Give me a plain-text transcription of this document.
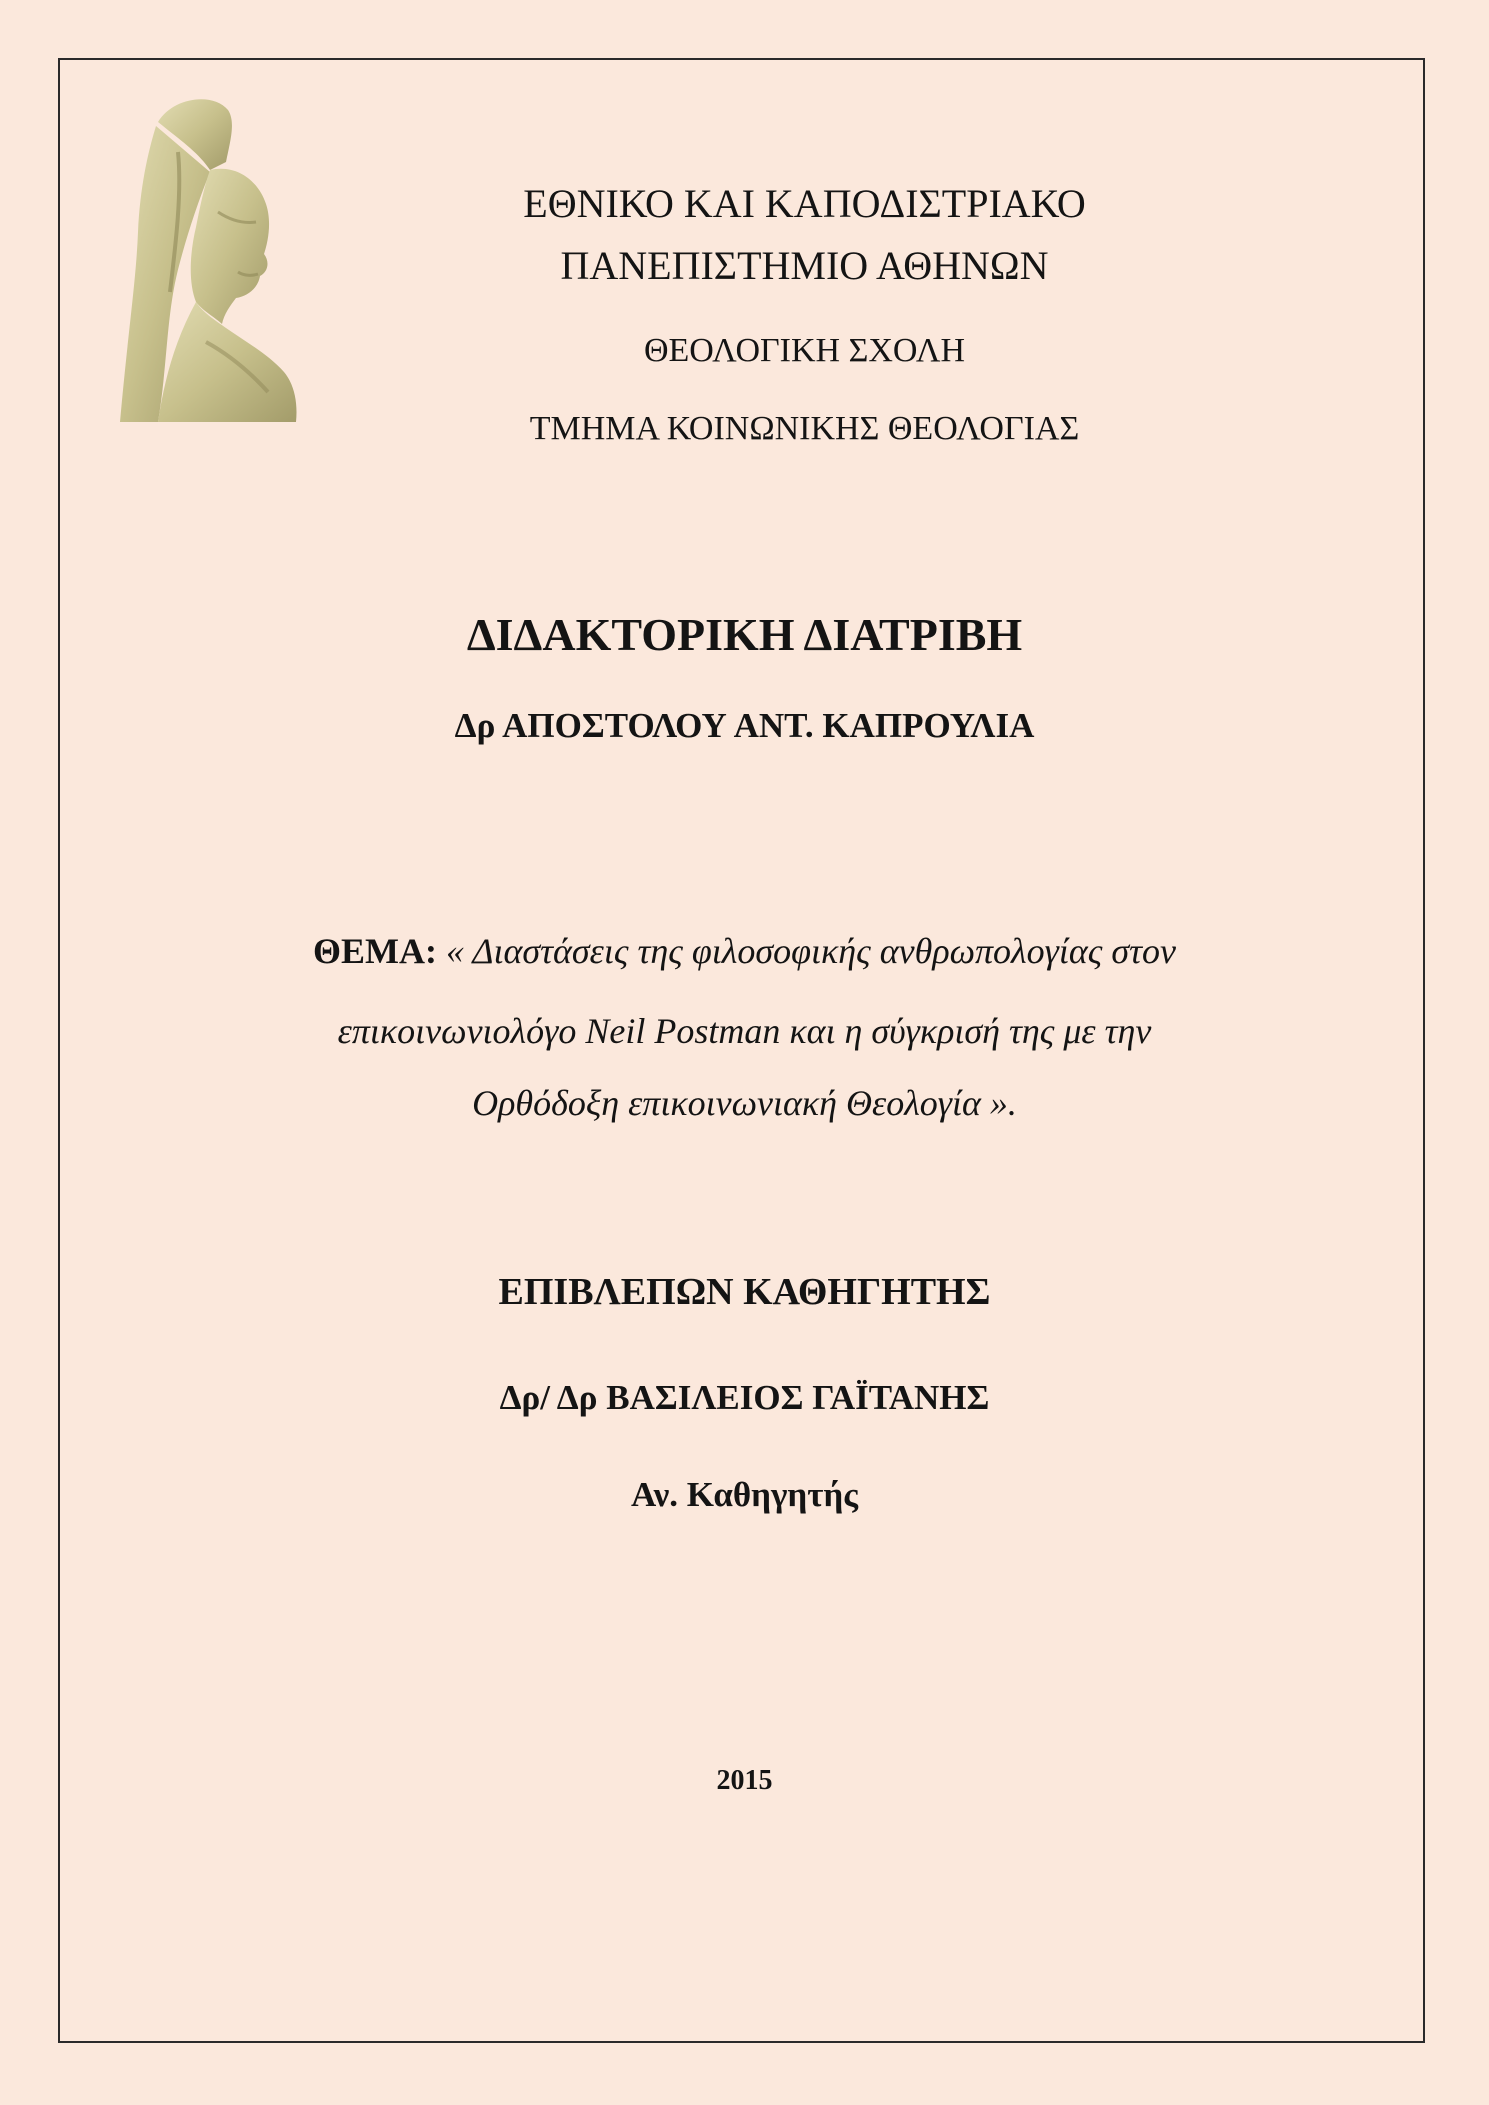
ΕΘΝΙΚΟ ΚΑΙ ΚΑΠΟΔΙΣΤΡΙΑΚΟ
ΠΑΝΕΠΙΣΤΗΜΙΟ ΑΘΗΝΩΝ
ΘΕΟΛΟΓΙΚΗ ΣΧΟΛΗ
ΤΜΗΜΑ ΚΟΙΝΩΝΙΚΗΣ ΘΕΟΛΟΓΙΑΣ
ΔΙΔΑΚΤΟΡΙΚΗ ΔΙΑΤΡΙΒΗ
Δρ ΑΠΟΣΤΟΛΟΥ ΑΝΤ. ΚΑΠΡΟΥΛΙΑ
ΘΕΜΑ: « Διαστάσεις της φιλοσοφικής ανθρωπολογίας στον
επικοινωνιολόγο Neil Postman και η σύγκρισή της με την
Ορθόδοξη επικοινωνιακή Θεολογία ».
ΕΠΙΒΛΕΠΩΝ ΚΑΘΗΓΗΤΗΣ
Δρ/ Δρ ΒΑΣΙΛΕΙΟΣ ΓΑΪΤΑΝΗΣ
Αν. Καθηγητής
2015
